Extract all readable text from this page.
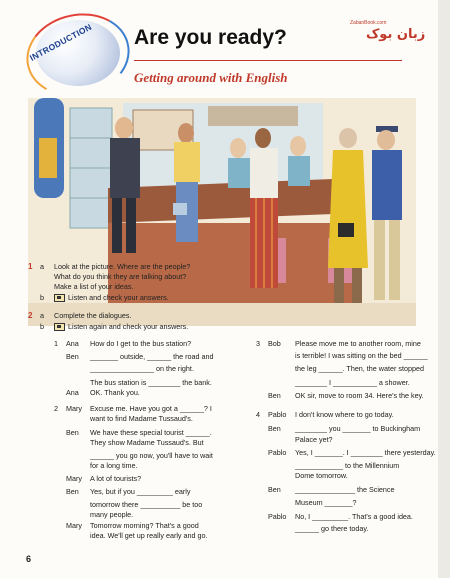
INTRODUCTION Are you ready?
Getting around with English
ZabanBook.com
زبان بوک
1 a Look at the picture. Where are the people?
What do you think they are talking about?
Make a list of your ideas.
b	Listen and check your answers.
2 a Complete the dialogues.
b	Listen again and check your answers.
1 Ana How do I get to the bus station?
Ben _______ outside, ______ the road and
________________ on the right.
The bus station is ________ the bank.
Ana OK. Thank you.
2 Mary Excuse me. Have you got a ______? I
want to find Madame Tussaud's.
Ben We have these special tourist ______.
They show Madame Tussaud's. But
______ you go now, you'll have to wait
for a long time.
Mary A lot of tourists?
Ben Yes, but if you _________ early
tomorrow there __________ be too
many people.
Mary Tomorrow morning? That's a good
idea. We'll get up really early and go.
3 Bob Please move me to another room, mine
is terrible! I was sitting on the bed ______
the leg ______. Then, the water stopped
________ I ___________ a shower.
Ben OK sir, move to room 34. Here's the key.
4 Pablo I don't know where to go today.
Ben ________ you _______ to Buckingham
Palace yet?
Pablo Yes, I _______. I ________ there yesterday.
____________ to the Millennium
Dome tomorrow.
Ben _______________ the Science
Museum _______?
Pablo No, I _________. That's a good idea.
______ go there today.
6
